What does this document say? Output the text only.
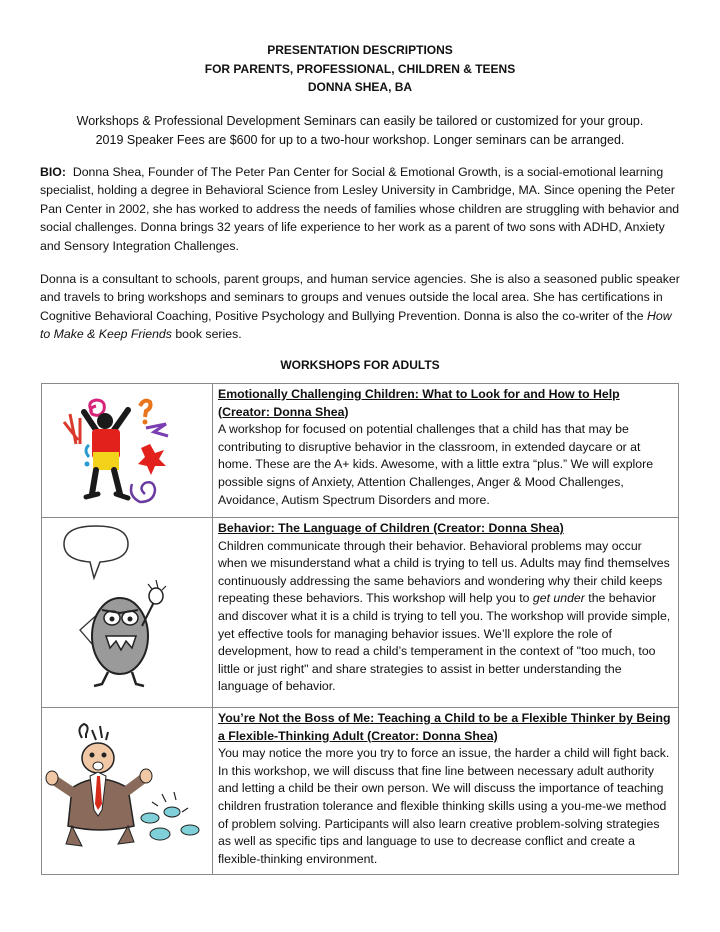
PRESENTATION DESCRIPTIONS
FOR PARENTS, PROFESSIONAL, CHILDREN & TEENS
DONNA SHEA, BA
Workshops & Professional Development Seminars can easily be tailored or customized for your group.
2019 Speaker Fees are $600 for up to a two-hour workshop. Longer seminars can be arranged.
BIO: Donna Shea, Founder of The Peter Pan Center for Social & Emotional Growth, is a social-emotional learning specialist, holding a degree in Behavioral Science from Lesley University in Cambridge, MA. Since opening the Peter Pan Center in 2002, she has worked to address the needs of families whose children are struggling with behavior and social challenges. Donna brings 32 years of life experience to her work as a parent of two sons with ADHD, Anxiety and Sensory Integration Challenges.
Donna is a consultant to schools, parent groups, and human service agencies. She is also a seasoned public speaker and travels to bring workshops and seminars to groups and venues outside the local area. She has certifications in Cognitive Behavioral Coaching, Positive Psychology and Bullying Prevention. Donna is also the co-writer of the How to Make & Keep Friends book series.
WORKSHOPS FOR ADULTS

Emotionally Challenging Children: What to Look for and How to Help (Creator: Donna Shea)
A workshop for focused on potential challenges that a child has that may be contributing to disruptive behavior in the classroom, in extended daycare or at home. These are the A+ kids. Awesome, with a little extra “plus.” We will explore possible signs of Anxiety, Attention Challenges, Anger & Mood Challenges, Avoidance, Autism Spectrum Disorders and more.

Behavior: The Language of Children (Creator: Donna Shea)
Children communicate through their behavior. Behavioral problems may occur when we misunderstand what a child is trying to tell us. Adults may find themselves continuously addressing the same behaviors and wondering why their child keeps repeating these behaviors. This workshop will help you to get under the behavior and discover what it is a child is trying to tell you. The workshop will provide simple, yet effective tools for managing behavior issues. We’ll explore the role of development, how to read a child’s temperament in the context of "too much, too little or just right" and share strategies to assist in better understanding the language of behavior.

You’re Not the Boss of Me: Teaching a Child to be a Flexible Thinker by Being a Flexible-Thinking Adult (Creator: Donna Shea)
You may notice the more you try to force an issue, the harder a child will fight back. In this workshop, we will discuss that fine line between necessary adult authority and letting a child be their own person. We will discuss the importance of teaching children frustration tolerance and flexible thinking skills using a you-me-we method of problem solving. Participants will also learn creative problem-solving strategies as well as specific tips and language to use to decrease conflict and create a flexible-thinking environment.
